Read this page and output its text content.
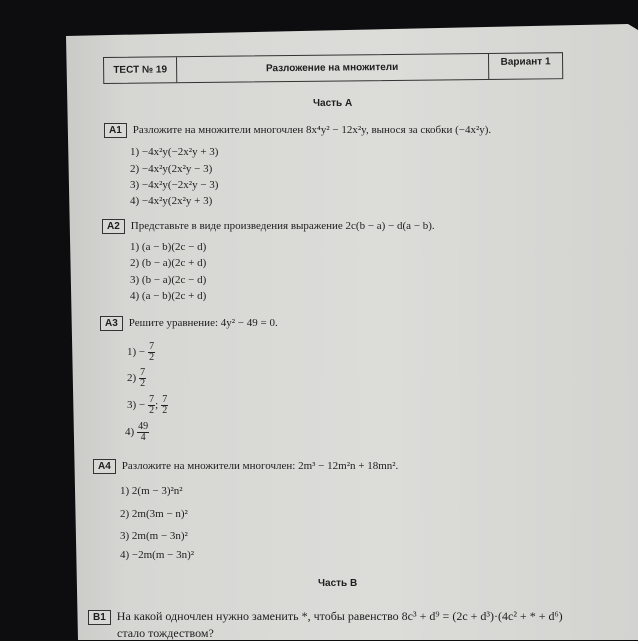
ТЕСТ № 19	Разложение на множители	Вариант 1
Часть А
A1 Разложите на множители многочлен 8x⁴y² − 12x²y, вынося за скобки (−4x²y).
1) −4x²y(−2x²y + 3)
2) −4x²y(2x²y − 3)
3) −4x²y(−2x²y − 3)
4) −4x²y(2x²y + 3)
A2 Представьте в виде произведения выражение 2c(b − a) − d(a − b).
1) (a − b)(2c − d)
2) (b − a)(2c + d)
3) (b − a)(2c − d)
4) (a − b)(2c + d)
A3 Решите уравнение: 4y² − 49 = 0.
$1) - \frac{7}{2}$
$2) \frac{7}{2}$
$3) - \frac{7}{2}$ ; $\frac{7}{2}$
$4) \frac{49}{4}$
A4 Разложите на множители многочлен: 2m³ − 12m²n + 18mn².
1) 2(m − 3)²n²
2) 2m(3m − n)²
3) 2m(m − 3n)²
4) −2m(m − 3n)²
Часть В
B1 На какой одночлен нужно заменить *, чтобы равенство 8c³ + d⁹ = (2c + d³)·(4c² + * + d⁶)
стало тождеством?
